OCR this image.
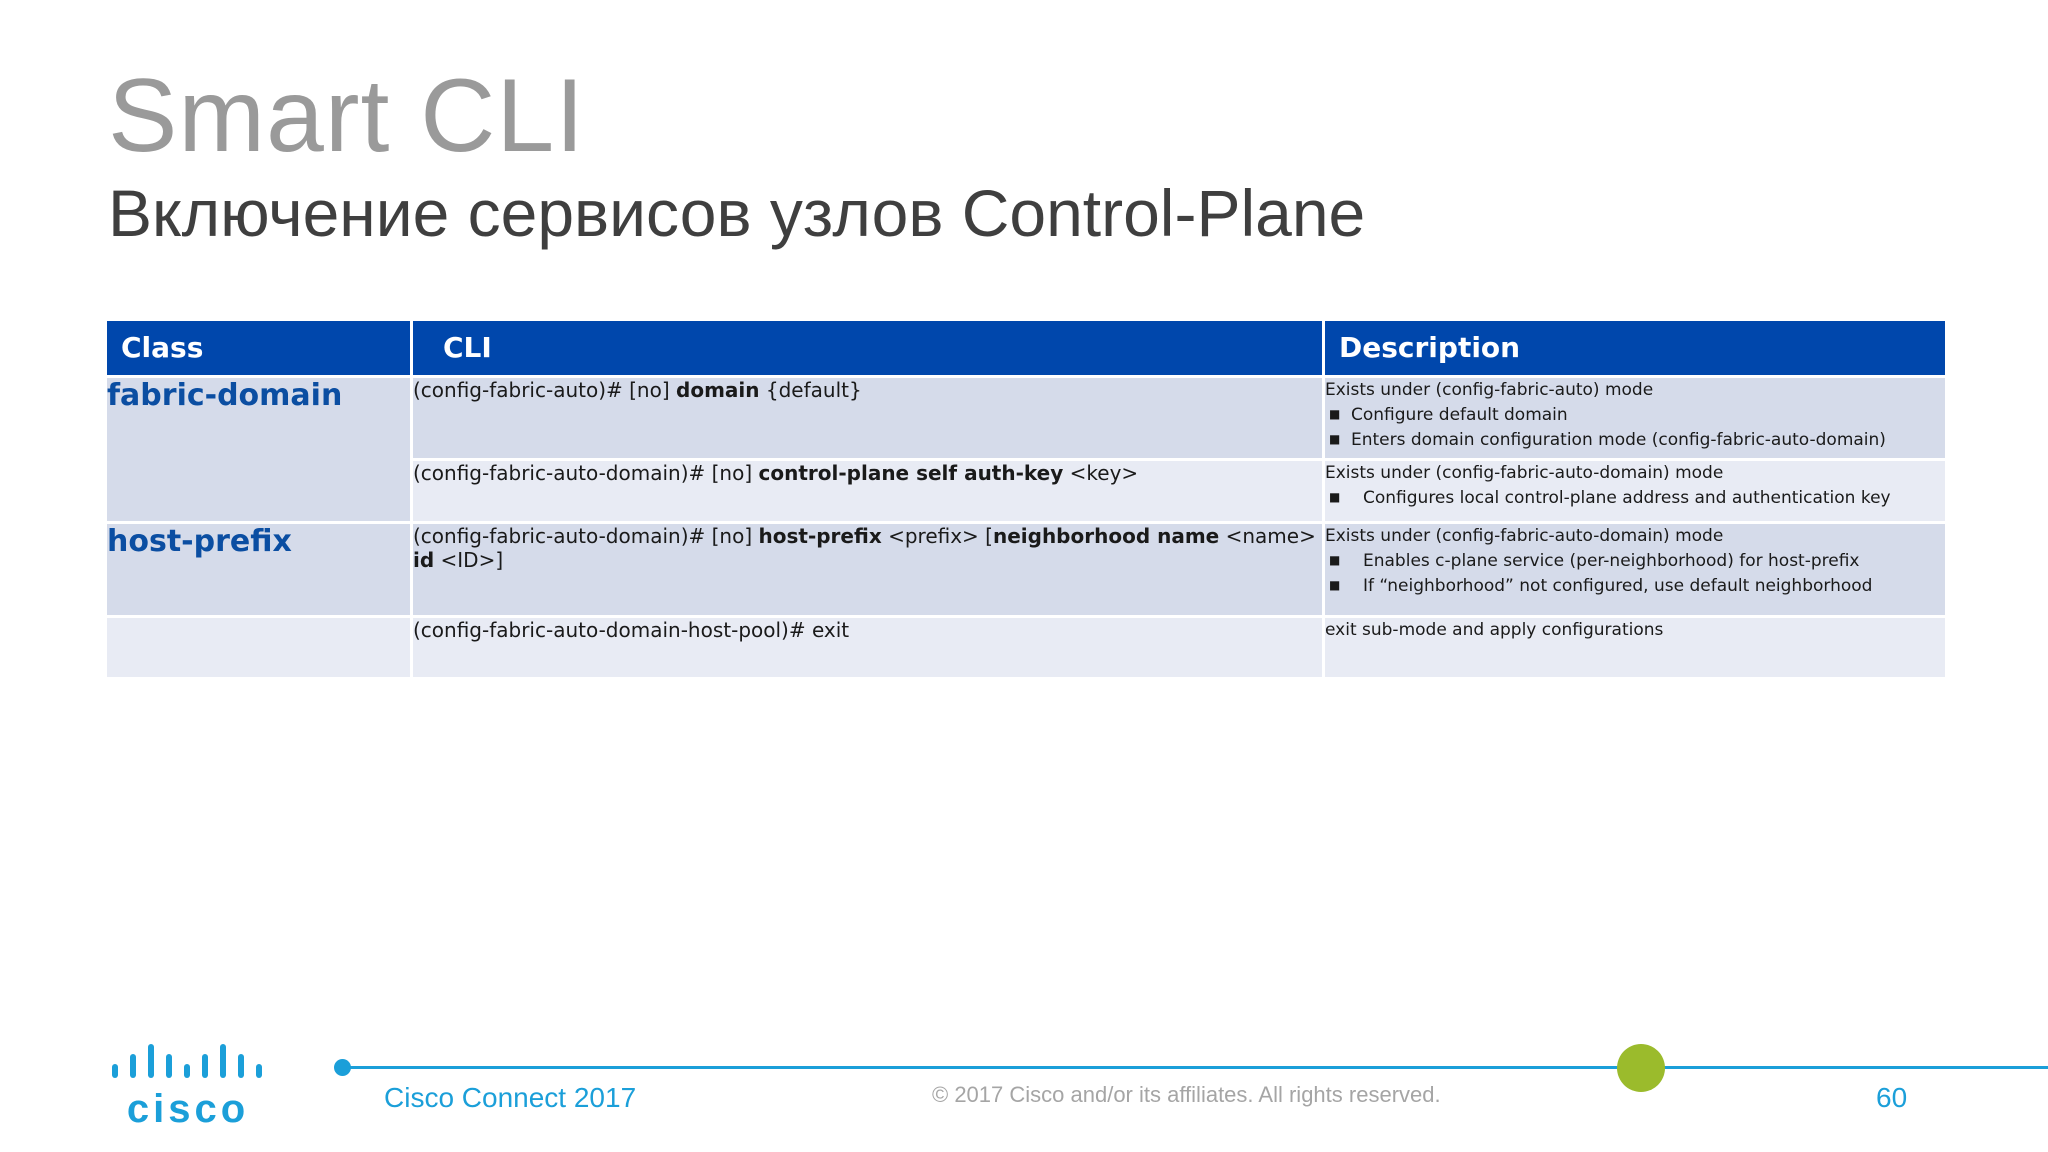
Smart CLI
Включение сервисов узлов Control-Plane
Class	CLI	Description
fabric-domain	(config-fabric-auto)# [no] domain {default}	Exists under (config-fabric-auto) mode
■ Configure default domain
■ Enters domain configuration mode (config-fabric-auto-domain)

	(config-fabric-auto-domain)# [no] control-plane self auth-key <key>	Exists under (config-fabric-auto-domain) mode
■ Configures local control-plane address and authentication key

host-prefix	(config-fabric-auto-domain)# [no] host-prefix <prefix> [neighborhood name <name> id <ID>]	Exists under (config-fabric-auto-domain) mode
■ Enables c-plane service (per-neighborhood) for host-prefix
■ If “neighborhood” not configured, use default neighborhood

	(config-fabric-auto-domain-host-pool)# exit	exit sub-mode and apply configurations
cisco	Cisco Connect 2017	© 2017 Cisco and/or its affiliates. All rights reserved.	60
